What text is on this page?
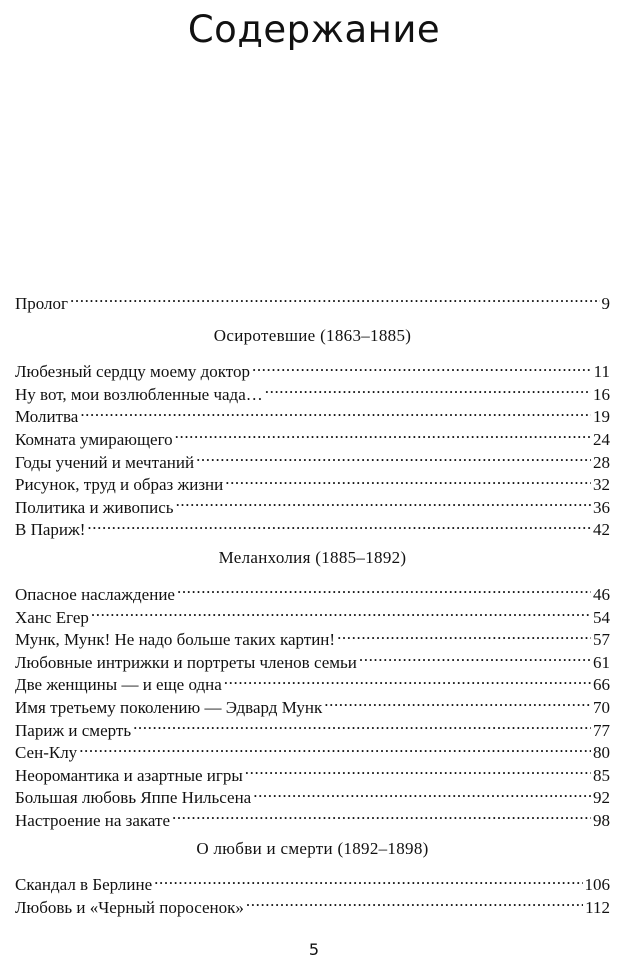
Содержание
Пролог .....	9
Осиротевшие (1863–1885)
Любезный сердцу моему доктор .....	11
Ну вот, мои возлюбленные чада… .....	16
Молитва .....	19
Комната умирающего .....	24
Годы учений и мечтаний .....	28
Рисунок, труд и образ жизни .....	32
Политика и живопись .....	36
В Париж! .....	42
Меланхолия (1885–1892)
Опасное наслаждение .....	46
Ханс Егер .....	54
Мунк, Мунк! Не надо больше таких картин! .....	57
Любовные интрижки и портреты членов семьи .....	61
Две женщины — и еще одна .....	66
Имя третьему поколению — Эдвард Мунк .....	70
Париж и смерть .....	77
Сен-Клу .....	80
Неоромантика и азартные игры .....	85
Большая любовь Яппе Нильсена .....	92
Настроение на закате .....	98
О любви и смерти (1892–1898)
Скандал в Берлине .....	106
Любовь и «Черный поросенок» .....	112
5
